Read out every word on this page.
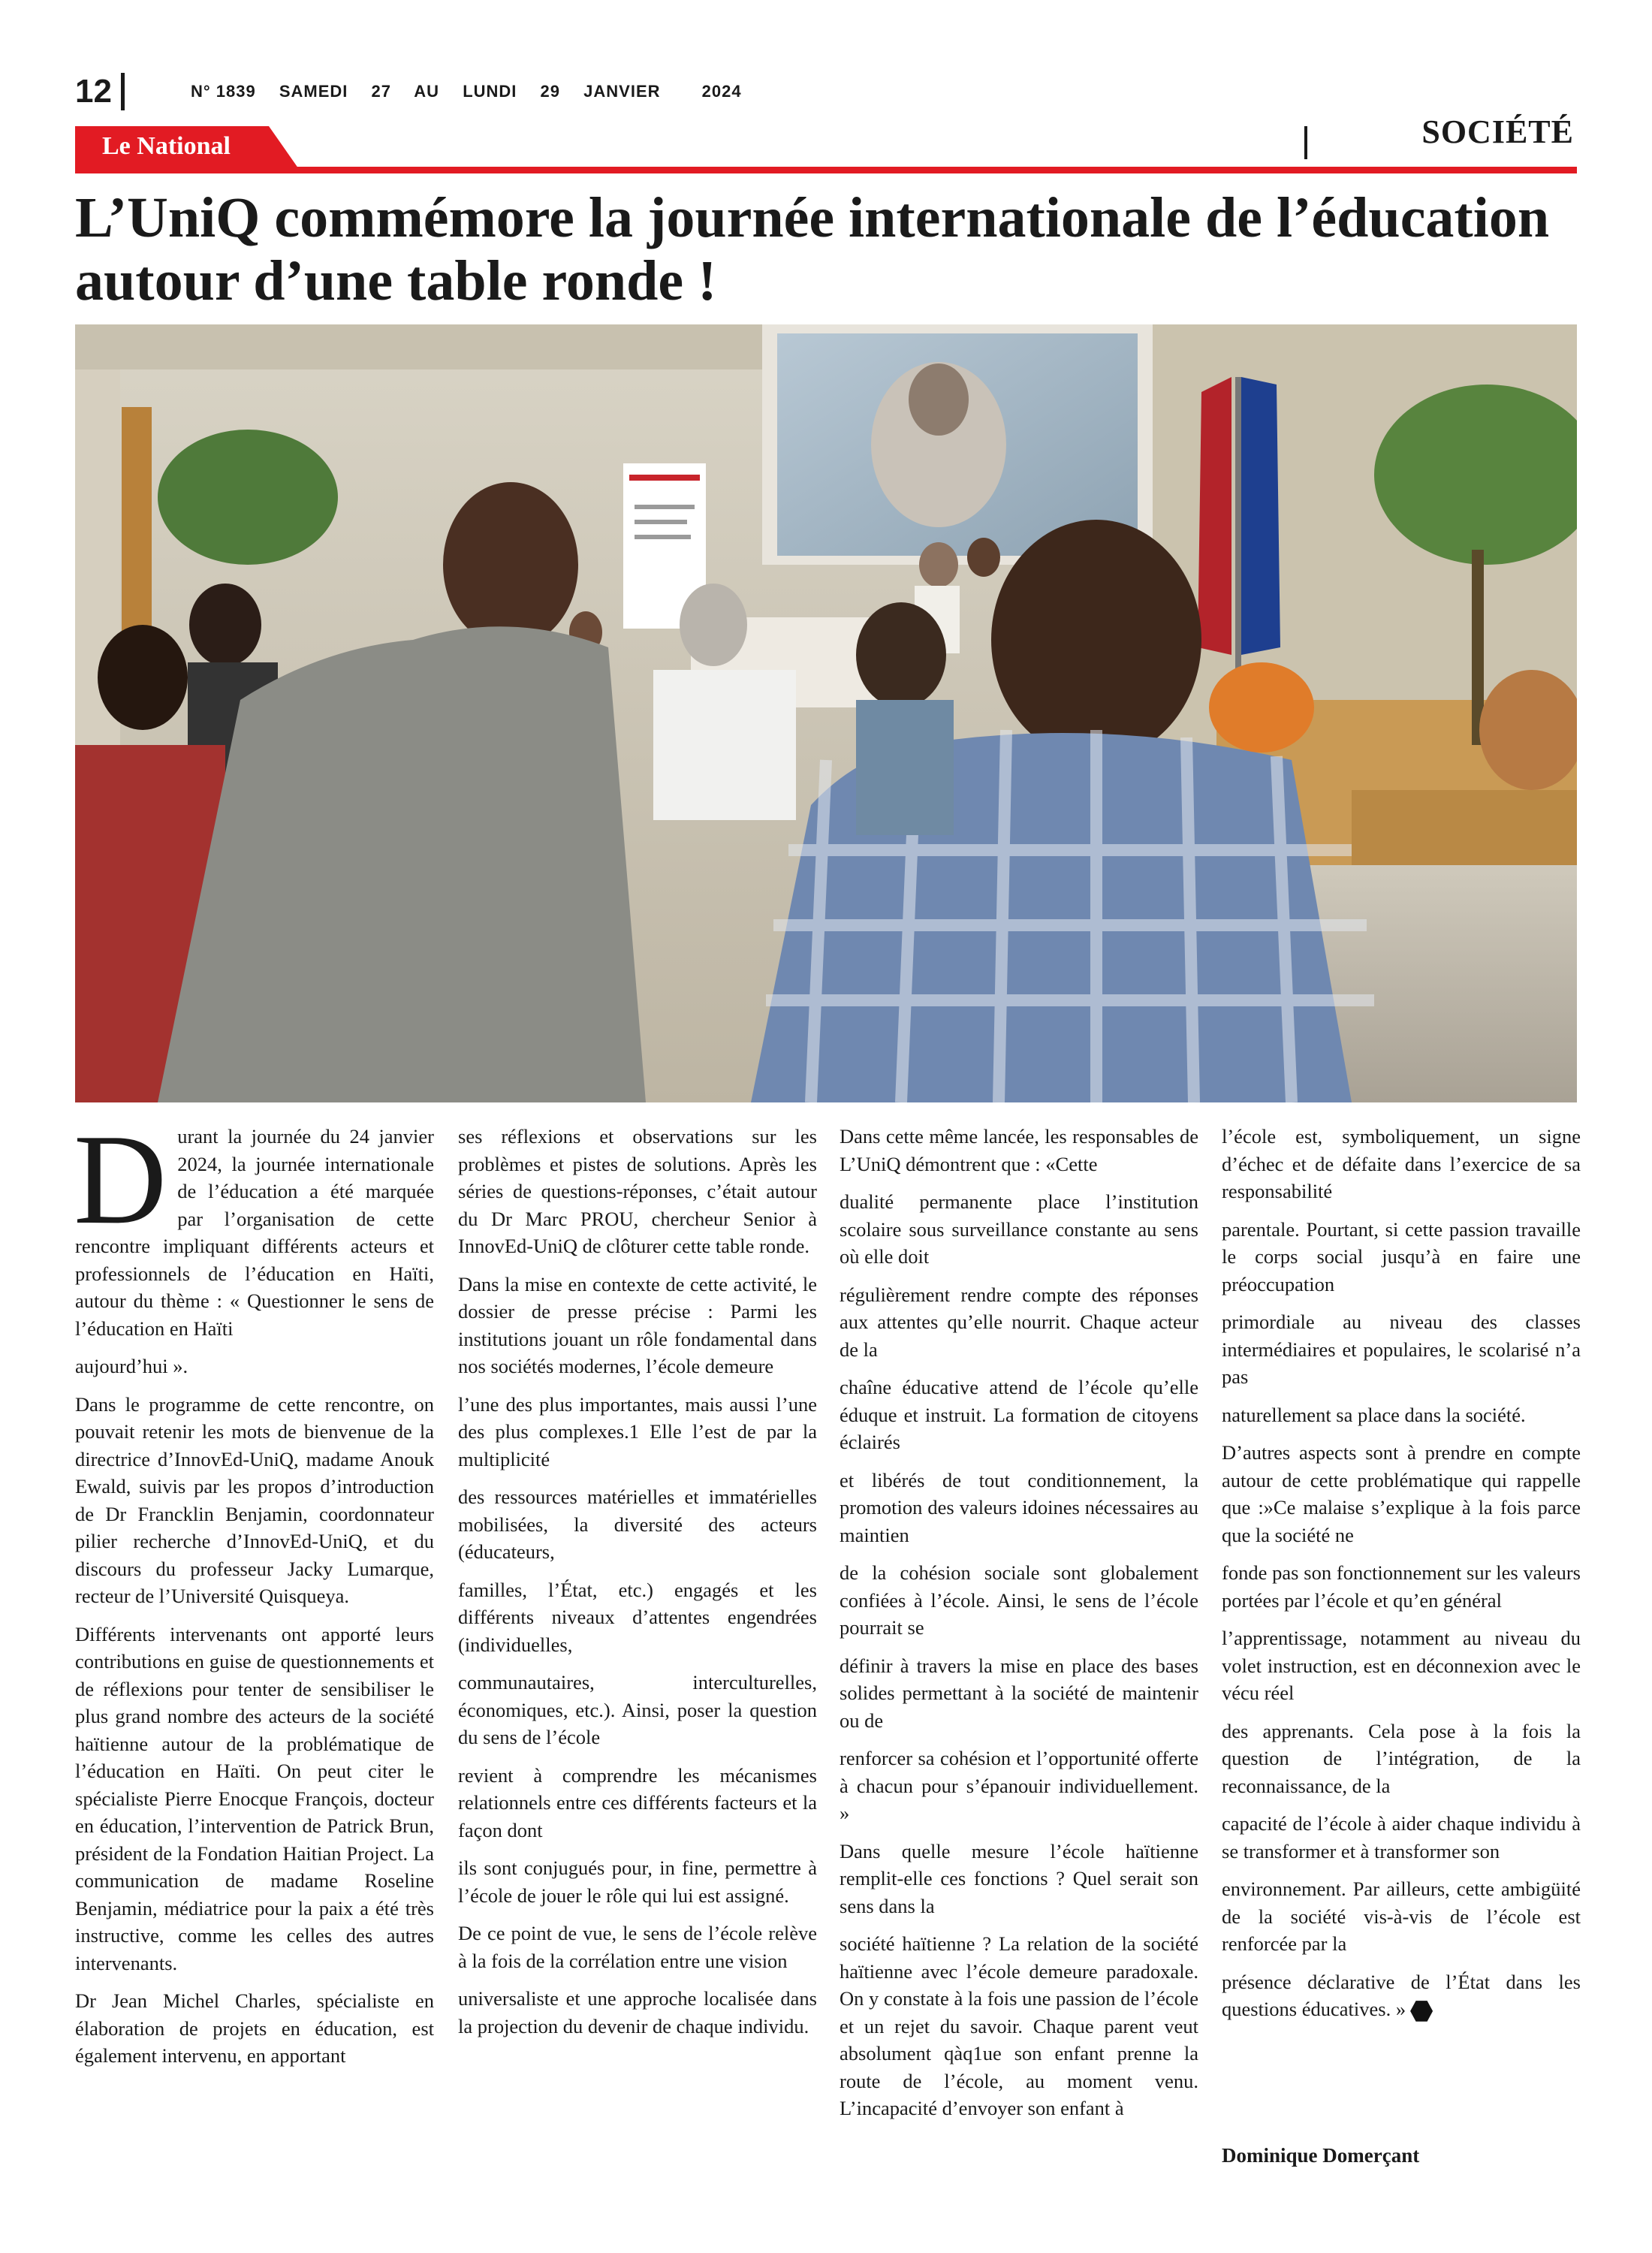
12	N° 1839 SAMEDI 27 AU LUNDI 29 JANVIER	2024
Le National	SOCIÉTÉ
L’UniQ commémore la journée internationale de l’éducation autour d’une table ronde !

Durant la journée du 24 janvier 2024, la journée internationale de l’éducation a été marquée par l’organisation de cette rencontre impliquant différents acteurs et professionnels de l’éducation en Haïti, autour du thème : « Questionner le sens de l’éducation en Haïti

aujourd’hui ».

Dans le programme de cette rencontre, on pouvait retenir les mots de bienvenue de la directrice d’InnovEd-UniQ, madame Anouk Ewald, suivis par les propos d’introduction de Dr Francklin Benjamin, coordonnateur pilier recherche d’InnovEd-UniQ, et du discours du professeur Jacky Lumarque, recteur de l’Université Quisqueya.

Différents intervenants ont apporté leurs contributions en guise de questionnements et de réflexions pour tenter de sensibiliser le plus grand nombre des acteurs de la société haïtienne autour de la problématique de l’éducation en Haïti. On peut citer le spécialiste Pierre Enocque François, docteur en éducation, l’intervention de Patrick Brun, président de la Fondation Haitian Project. La communication de madame Roseline Benjamin, médiatrice pour la paix a été très instructive, comme les celles des autres intervenants.

Dr Jean Michel Charles, spécialiste en élaboration de projets en éducation, est également intervenu, en apportant

ses réflexions et observations sur les problèmes et pistes de solutions. Après les séries de questions-réponses, c’était autour du Dr Marc PROU, chercheur Senior à InnovEd-UniQ de clôturer cette table ronde.

Dans la mise en contexte de cette activité, le dossier de presse précise : Parmi les institutions jouant un rôle fondamental dans nos sociétés modernes, l’école demeure

l’une des plus importantes, mais aussi l’une des plus complexes.1 Elle l’est de par la multiplicité

des ressources matérielles et immatérielles mobilisées, la diversité des acteurs (éducateurs,

familles, l’État, etc.) engagés et les différents niveaux d’attentes engendrées (individuelles,

communautaires, interculturelles, économiques, etc.). Ainsi, poser la question du sens de l’école

revient à comprendre les mécanismes relationnels entre ces différents facteurs et la façon dont

ils sont conjugués pour, in fine, permettre à l’école de jouer le rôle qui lui est assigné.

De ce point de vue, le sens de l’école relève à la fois de la corrélation entre une vision

universaliste et une approche localisée dans la projection du devenir de chaque individu.

Dans cette même lancée, les responsables de L’UniQ démontrent que : «Cette

dualité permanente place l’institution scolaire sous surveillance constante au sens où elle doit

régulièrement rendre compte des réponses aux attentes qu’elle nourrit. Chaque acteur de la

chaîne éducative attend de l’école qu’elle éduque et instruit. La formation de citoyens éclairés

et libérés de tout conditionnement, la promotion des valeurs idoines nécessaires au maintien

de la cohésion sociale sont globalement confiées à l’école. Ainsi, le sens de l’école pourrait se

définir à travers la mise en place des bases solides permettant à la société de maintenir ou de

renforcer sa cohésion et l’opportunité offerte à chacun pour s’épanouir individuellement. »

Dans quelle mesure l’école haïtienne remplit-elle ces fonctions ? Quel serait son sens dans la

société haïtienne ? La relation de la société haïtienne avec l’école demeure paradoxale. On y constate à la fois une passion de l’école et un rejet du savoir. Chaque parent veut absolument qàq1ue son enfant prenne la route de l’école, au moment venu. L’incapacité d’envoyer son enfant à

l’école est, symboliquement, un signe d’échec et de défaite dans l’exercice de sa responsabilité

parentale. Pourtant, si cette passion travaille le corps social jusqu’à en faire une préoccupation

primordiale au niveau des classes intermédiaires et populaires, le scolarisé n’a pas

naturellement sa place dans la société.

D’autres aspects sont à prendre en compte autour de cette problématique qui rappelle que :»Ce malaise s’explique à la fois parce que la société ne

fonde pas son fonctionnement sur les valeurs portées par l’école et qu’en général

l’apprentissage, notamment au niveau du volet instruction, est en déconnexion avec le vécu réel

des apprenants. Cela pose à la fois la question de l’intégration, de la reconnaissance, de la

capacité de l’école à aider chaque individu à se transformer et à transformer son

environnement. Par ailleurs, cette ambigüité de la société vis-à-vis de l’école est renforcée par la

présence déclarative de l’État dans les questions éducatives. »

Dominique Domerçant
